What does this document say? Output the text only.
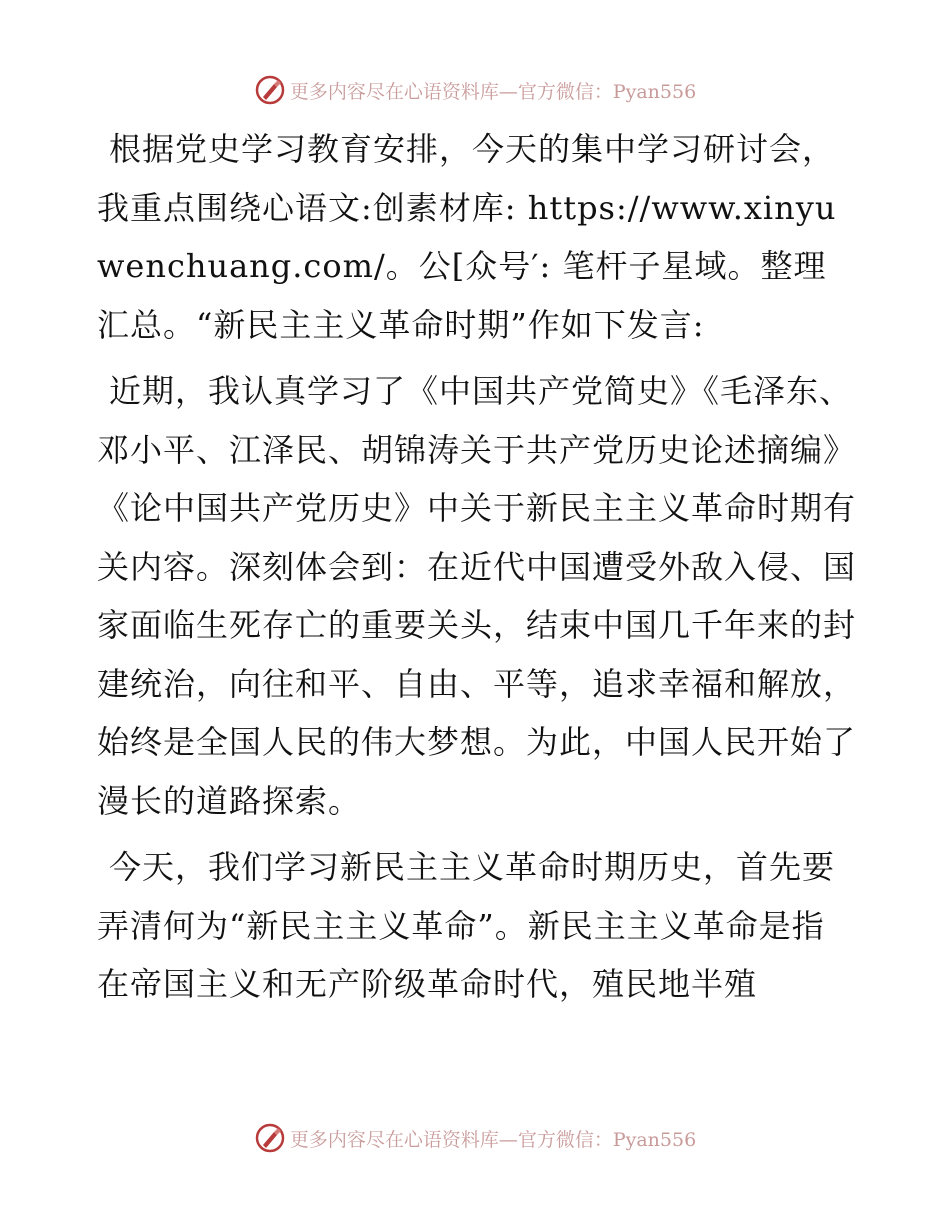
更多内容尽在心语资料库—官方微信：Pyan556

根据党史学习教育安排，今天的集中学习研讨会，我重点围绕心语文:创素材库: https://www.xinyuwenchuang.com/。公[众号′: 笔杆子星域。整理汇总。“新民主主义革命时期”作如下发言:

近期，我认真学习了《中国共产党简史》《毛泽东、邓小平、江泽民、胡锦涛关于共产党历史论述摘编》《论中国共产党历史》中关于新民主主义革命时期有关内容。深刻体会到：在近代中国遭受外敌入侵、国家面临生死存亡的重要关头，结束中国几千年来的封建统治，向往和平、自由、平等，追求幸福和解放，始终是全国人民的伟大梦想。为此，中国人民开始了漫长的道路探索。

今天，我们学习新民主主义革命时期历史，首先要弄清何为“新民主主义革命”。新民主主义革命是指在帝国主义和无产阶级革命时代，殖民地半殖

更多内容尽在心语资料库—官方微信：Pyan556
